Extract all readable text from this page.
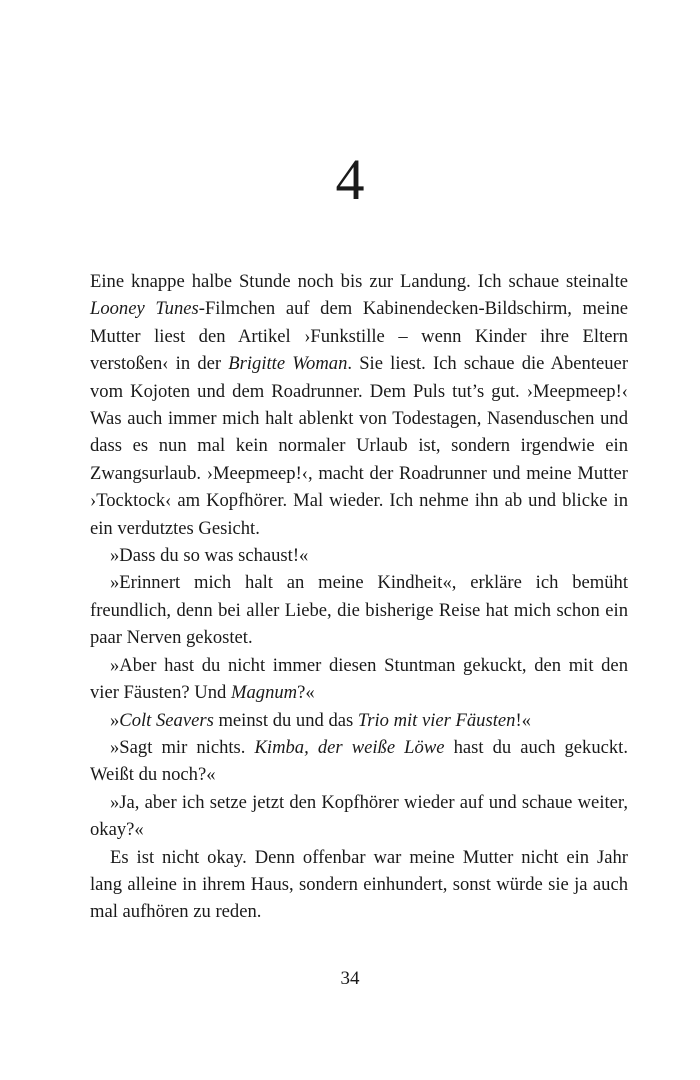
4

Eine knappe halbe Stunde noch bis zur Landung. Ich schaue steinalte Looney Tunes-Filmchen auf dem Kabinendecken-Bildschirm, meine Mutter liest den Artikel ›Funkstille – wenn Kinder ihre Eltern verstoßen‹ in der Brigitte Woman. Sie liest. Ich schaue die Abenteuer vom Kojoten und dem Roadrunner. Dem Puls tut’s gut. ›Meepmeep!‹ Was auch immer mich halt ablenkt von Todestagen, Nasenduschen und dass es nun mal kein normaler Urlaub ist, sondern irgendwie ein Zwangsurlaub. ›Meepmeep!‹, macht der Roadrunner und meine Mutter ›Tocktock‹ am Kopfhörer. Mal wieder. Ich nehme ihn ab und blicke in ein verdutztes Gesicht.

»Dass du so was schaust!«

»Erinnert mich halt an meine Kindheit«, erkläre ich bemüht freundlich, denn bei aller Liebe, die bisherige Reise hat mich schon ein paar Nerven gekostet.

»Aber hast du nicht immer diesen Stuntman gekuckt, den mit den vier Fäusten? Und Magnum?«

»Colt Seavers meinst du und das Trio mit vier Fäusten!«

»Sagt mir nichts. Kimba, der weiße Löwe hast du auch gekuckt. Weißt du noch?«

»Ja, aber ich setze jetzt den Kopfhörer wieder auf und schaue weiter, okay?«

Es ist nicht okay. Denn offenbar war meine Mutter nicht ein Jahr lang alleine in ihrem Haus, sondern einhundert, sonst würde sie ja auch mal aufhören zu reden.

34
